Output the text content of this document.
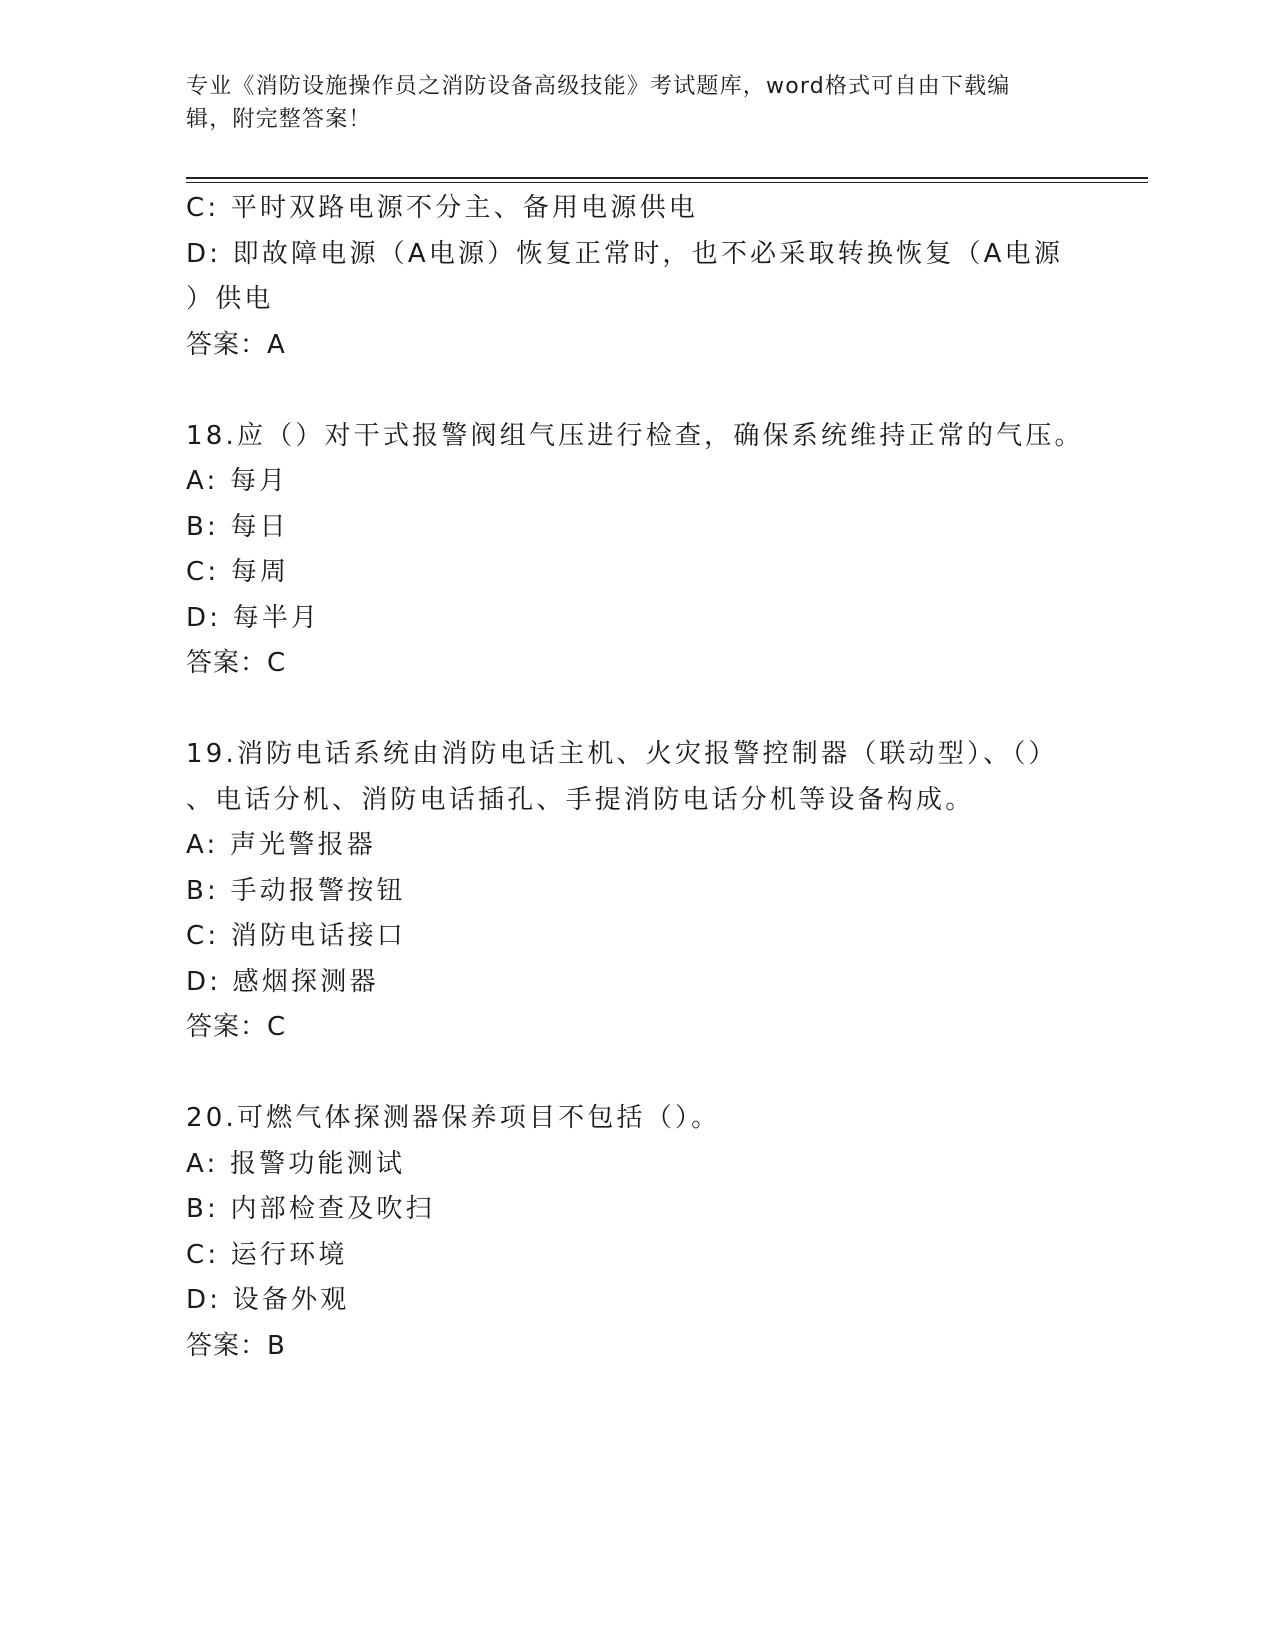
专业《消防设施操作员之消防设备高级技能》考试题库，word格式可自由下载编
辑，附完整答案！
C: 平时双路电源不分主、备用电源供电
D: 即故障电源（A电源）恢复正常时，也不必采取转换恢复（A电源
）供电
答案：A
18.应（）对干式报警阀组气压进行检查，确保系统维持正常的气压。
A: 每月
B: 每日
C: 每周
D: 每半月
答案：C
19.消防电话系统由消防电话主机、火灾报警控制器（联动型）、（）
、电话分机、消防电话插孔、手提消防电话分机等设备构成。
A: 声光警报器
B: 手动报警按钮
C: 消防电话接口
D: 感烟探测器
答案：C
20.可燃气体探测器保养项目不包括（）。
A: 报警功能测试
B: 内部检查及吹扫
C: 运行环境
D: 设备外观
答案：B
